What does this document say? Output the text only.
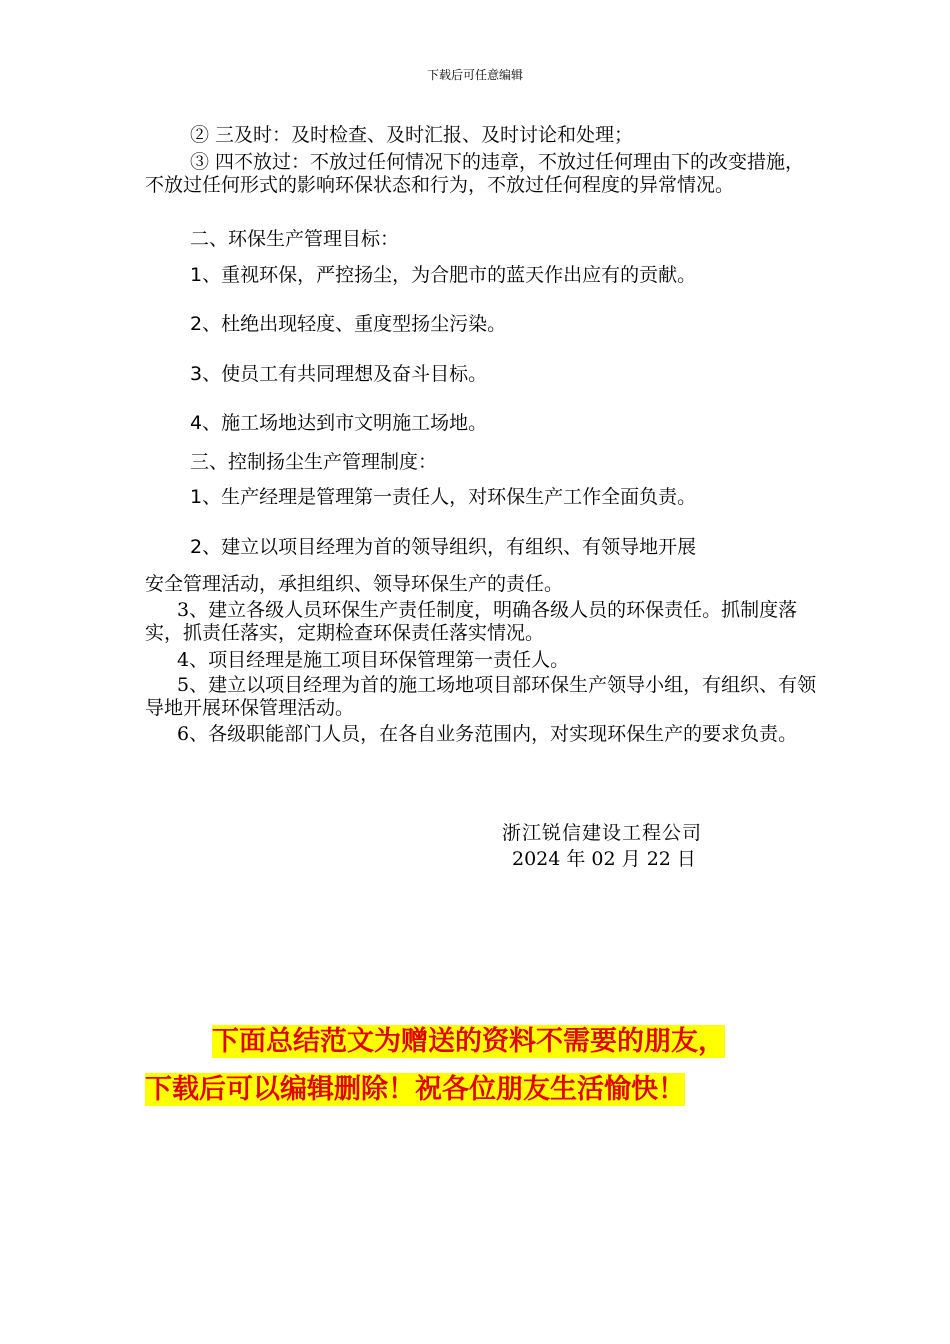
下载后可任意编辑
② 三及时：及时检查、及时汇报、及时讨论和处理；
③ 四不放过：不放过任何情况下的违章，不放过任何理由下的改变措施，不放过任何形式的影响环保状态和行为，不放过任何程度的异常情况。
二、环保生产管理目标：
1、重视环保，严控扬尘，为合肥市的蓝天作出应有的贡献。
2、杜绝出现轻度、重度型扬尘污染。
3、使员工有共同理想及奋斗目标。
4、施工场地达到市文明施工场地。
三、控制扬尘生产管理制度：
1、生产经理是管理第一责任人，对环保生产工作全面负责。
2、建立以项目经理为首的领导组织，有组织、有领导地开展
安全管理活动，承担组织、领导环保生产的责任。
3、建立各级人员环保生产责任制度，明确各级人员的环保责任。抓制度落实，抓责任落实，定期检查环保责任落实情况。
4、项目经理是施工项目环保管理第一责任人。
5、建立以项目经理为首的施工场地项目部环保生产领导小组，有组织、有领导地开展环保管理活动。
6、各级职能部门人员，在各自业务范围内，对实现环保生产的要求负责。
浙江锐信建设工程公司
2024 年 02 月 22 日
下面总结范文为赠送的资料不需要的朋友，
下载后可以编辑删除！祝各位朋友生活愉快！
